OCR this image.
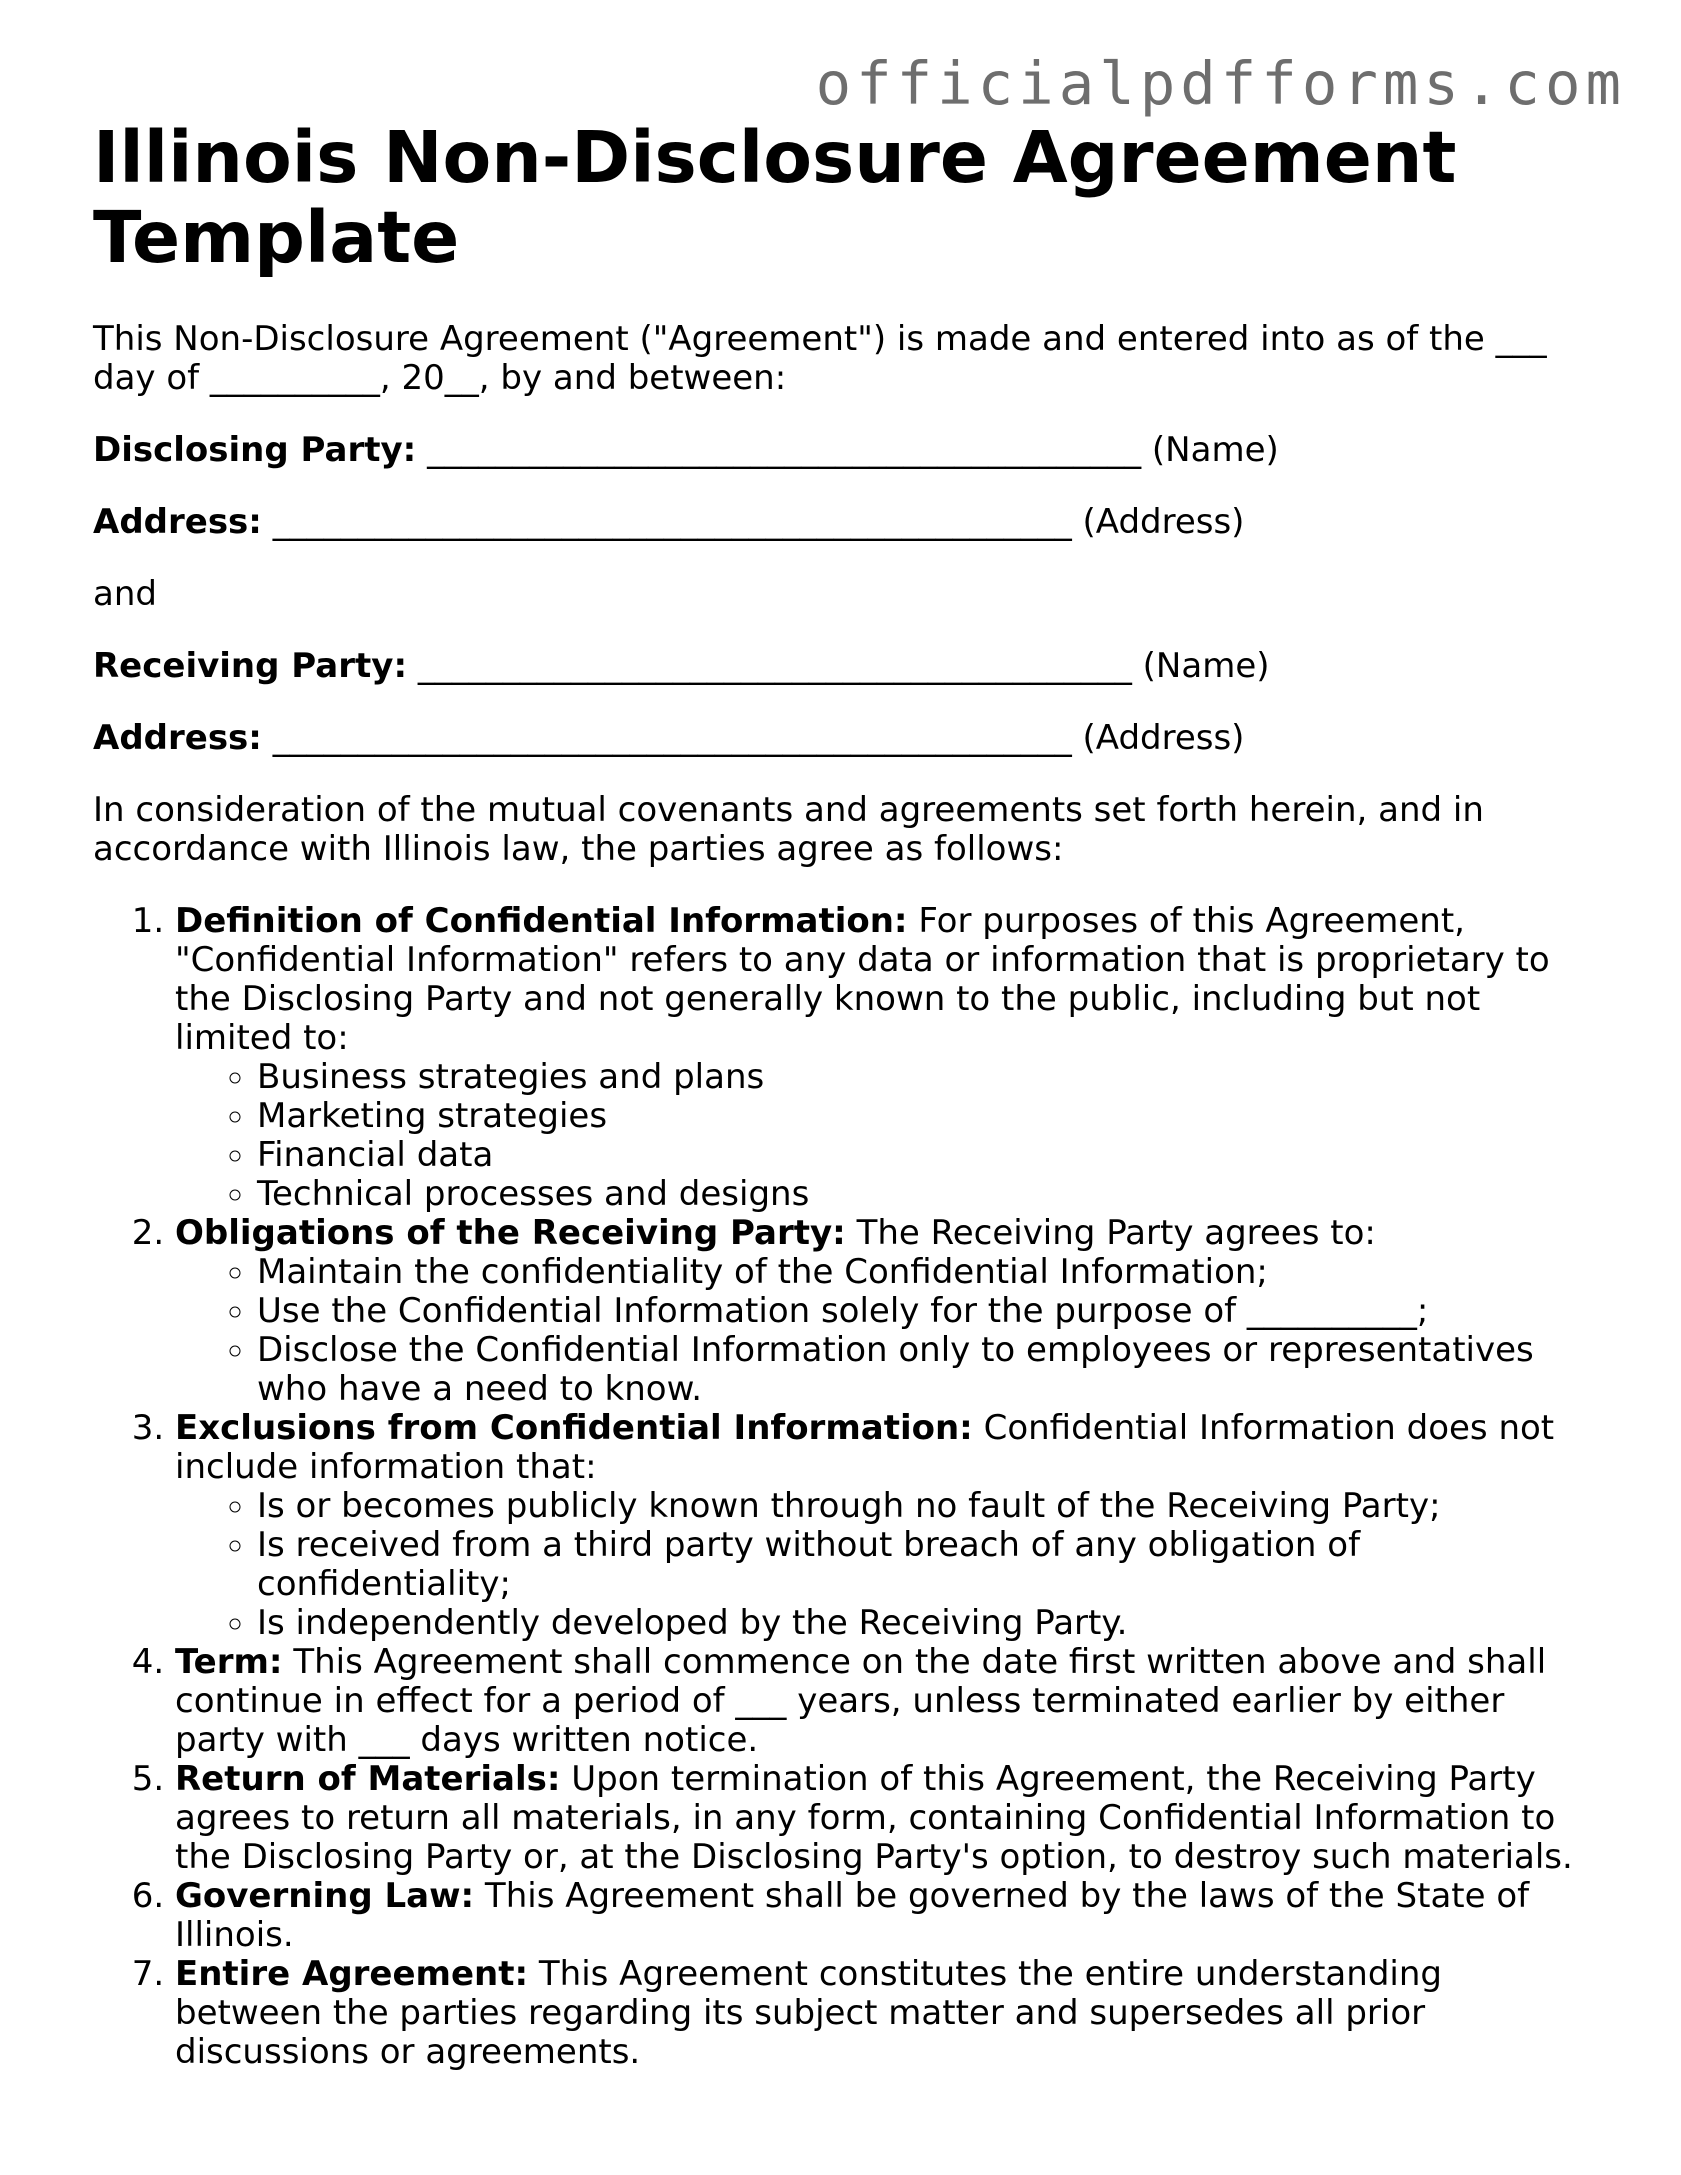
officialpdfforms.com
Illinois Non-Disclosure Agreement Template

This Non-Disclosure Agreement ("Agreement") is made and entered into as of the ___ day of __________, 20__, by and between:

Disclosing Party: __________________________________________ (Name)

Address: _______________________________________________ (Address)

and

Receiving Party: __________________________________________ (Name)

Address: _______________________________________________ (Address)

In consideration of the mutual covenants and agreements set forth herein, and in accordance with Illinois law, the parties agree as follows:

1. Definition of Confidential Information: For purposes of this Agreement, "Confidential Information" refers to any data or information that is proprietary to the Disclosing Party and not generally known to the public, including but not limited to:
◦ Business strategies and plans
◦ Marketing strategies
◦ Financial data
◦ Technical processes and designs
2. Obligations of the Receiving Party: The Receiving Party agrees to:
◦ Maintain the confidentiality of the Confidential Information;
◦ Use the Confidential Information solely for the purpose of __________;
◦ Disclose the Confidential Information only to employees or representatives who have a need to know.
3. Exclusions from Confidential Information: Confidential Information does not include information that:
◦ Is or becomes publicly known through no fault of the Receiving Party;
◦ Is received from a third party without breach of any obligation of confidentiality;
◦ Is independently developed by the Receiving Party.
4. Term: This Agreement shall commence on the date first written above and shall continue in effect for a period of ___ years, unless terminated earlier by either party with ___ days written notice.
5. Return of Materials: Upon termination of this Agreement, the Receiving Party agrees to return all materials, in any form, containing Confidential Information to the Disclosing Party or, at the Disclosing Party's option, to destroy such materials.
6. Governing Law: This Agreement shall be governed by the laws of the State of Illinois.
7. Entire Agreement: This Agreement constitutes the entire understanding between the parties regarding its subject matter and supersedes all prior discussions or agreements.
